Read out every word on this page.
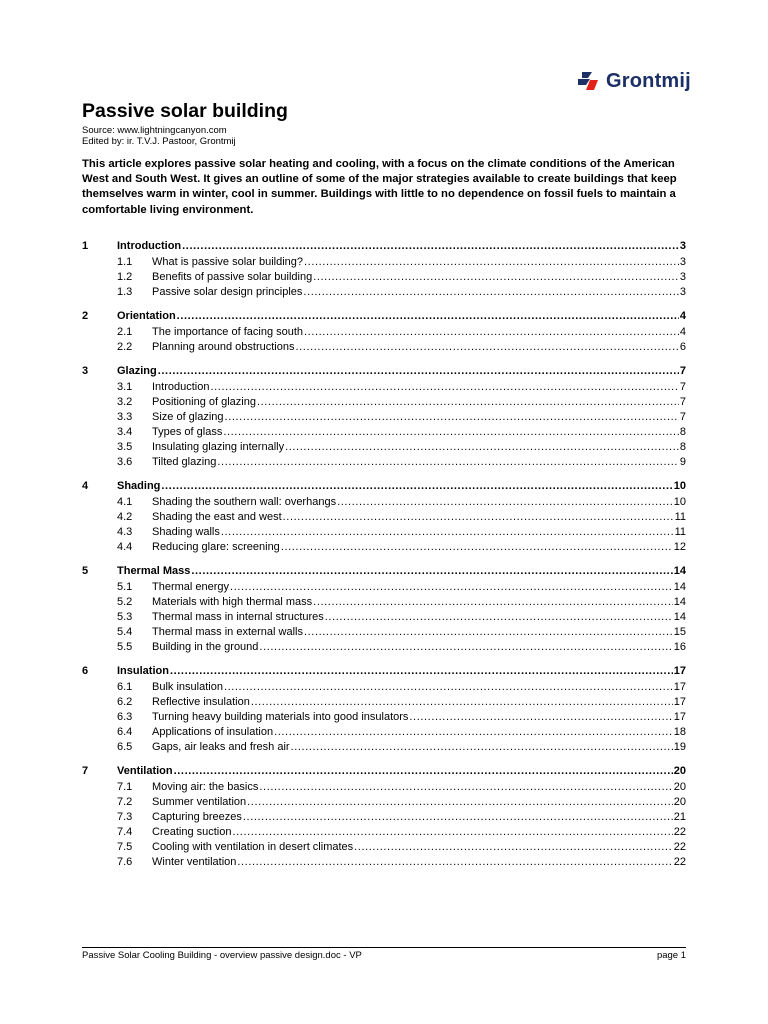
Grontmij
Passive solar building
Source: www.lightningcanyon.com
Edited by: ir. T.V.J. Pastoor, Grontmij

This article explores passive solar heating and cooling, with a focus on the climate conditions of the American West and South West. It gives an outline of some of the major strategies available to create buildings that keep themselves warm in winter, cool in summer. Buildings with little to no dependence on fossil fuels to maintain a comfortable living environment.

1	Introduction .....	3
1.1	What is passive solar building? .....	3
1.2	Benefits of passive solar building .....	3
1.3	Passive solar design principles .....	3
2	Orientation .....	4
2.1	The importance of facing south .....	4
2.2	Planning around obstructions .....	6
3	Glazing .....	7
3.1	Introduction .....	7
3.2	Positioning of glazing .....	7
3.3	Size of glazing .....	7
3.4	Types of glass .....	8
3.5	Insulating glazing internally .....	8
3.6	Tilted glazing .....	9
4	Shading .....	10
4.1	Shading the southern wall: overhangs .....	10
4.2	Shading the east and west .....	11
4.3	Shading walls .....	11
4.4	Reducing glare: screening .....	12
5	Thermal Mass .....	14
5.1	Thermal energy .....	14
5.2	Materials with high thermal mass .....	14
5.3	Thermal mass in internal structures .....	14
5.4	Thermal mass in external walls .....	15
5.5	Building in the ground .....	16
6	Insulation .....	17
6.1	Bulk insulation .....	17
6.2	Reflective insulation .....	17
6.3	Turning heavy building materials into good insulators .....	17
6.4	Applications of insulation .....	18
6.5	Gaps, air leaks and fresh air .....	19
7	Ventilation .....	20
7.1	Moving air: the basics .....	20
7.2	Summer ventilation .....	20
7.3	Capturing breezes .....	21
7.4	Creating suction .....	22
7.5	Cooling with ventilation in desert climates .....	22
7.6	Winter ventilation .....	22
Passive Solar Cooling Building - overview passive design.doc - VP	page 1
